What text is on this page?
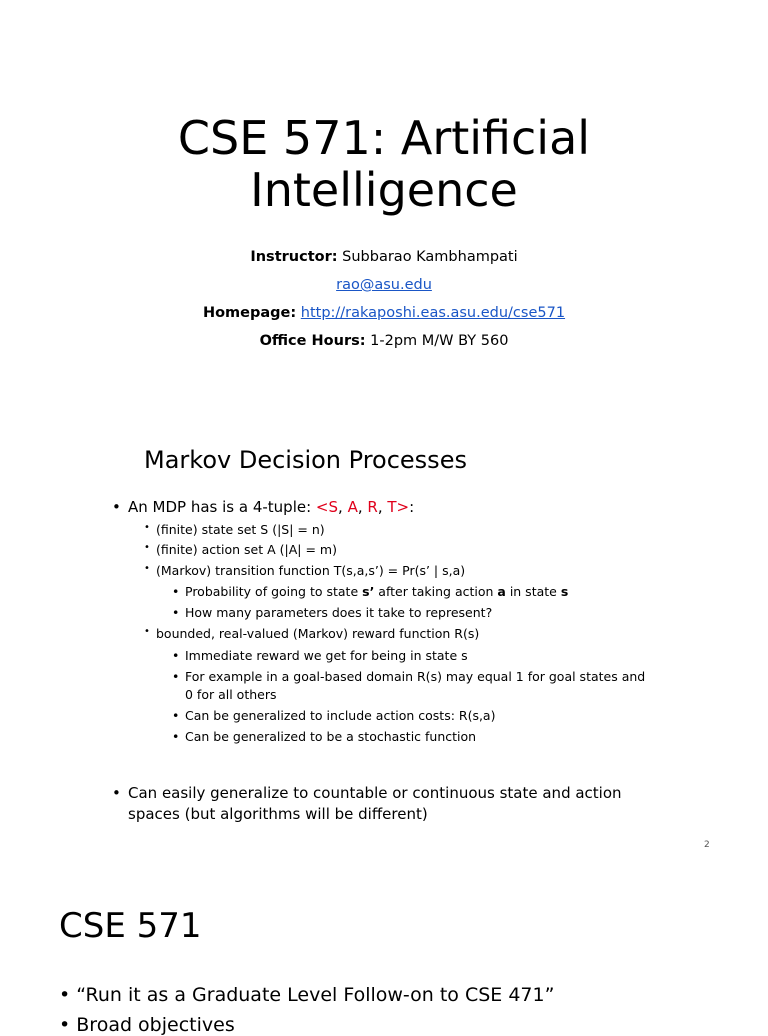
CSE 571: Artificial
Intelligence
Instructor: Subbarao Kambhampati
rao@asu.edu
Homepage: http://rakaposhi.eas.asu.edu/cse571
Office Hours: 1-2pm M/W BY 560
Markov Decision Processes
• An MDP has is a 4-tuple: <S, A, R, T>:
• (finite) state set S (|S| = n)
• (finite) action set A (|A| = m)
• (Markov) transition function T(s,a,s’) = Pr(s’ | s,a)
• Probability of going to state s’ after taking action a in state s
• How many parameters does it take to represent?
• bounded, real-valued (Markov) reward function R(s)
• Immediate reward we get for being in state s
• For example in a goal-based domain R(s) may equal 1 for goal states and
0 for all others
• Can be generalized to include action costs: R(s,a)
• Can be generalized to be a stochastic function
• Can easily generalize to countable or continuous state and action
spaces (but algorithms will be different)
2
CSE 571
• “Run it as a Graduate Level Follow-on to CSE 471”
• Broad objectives
